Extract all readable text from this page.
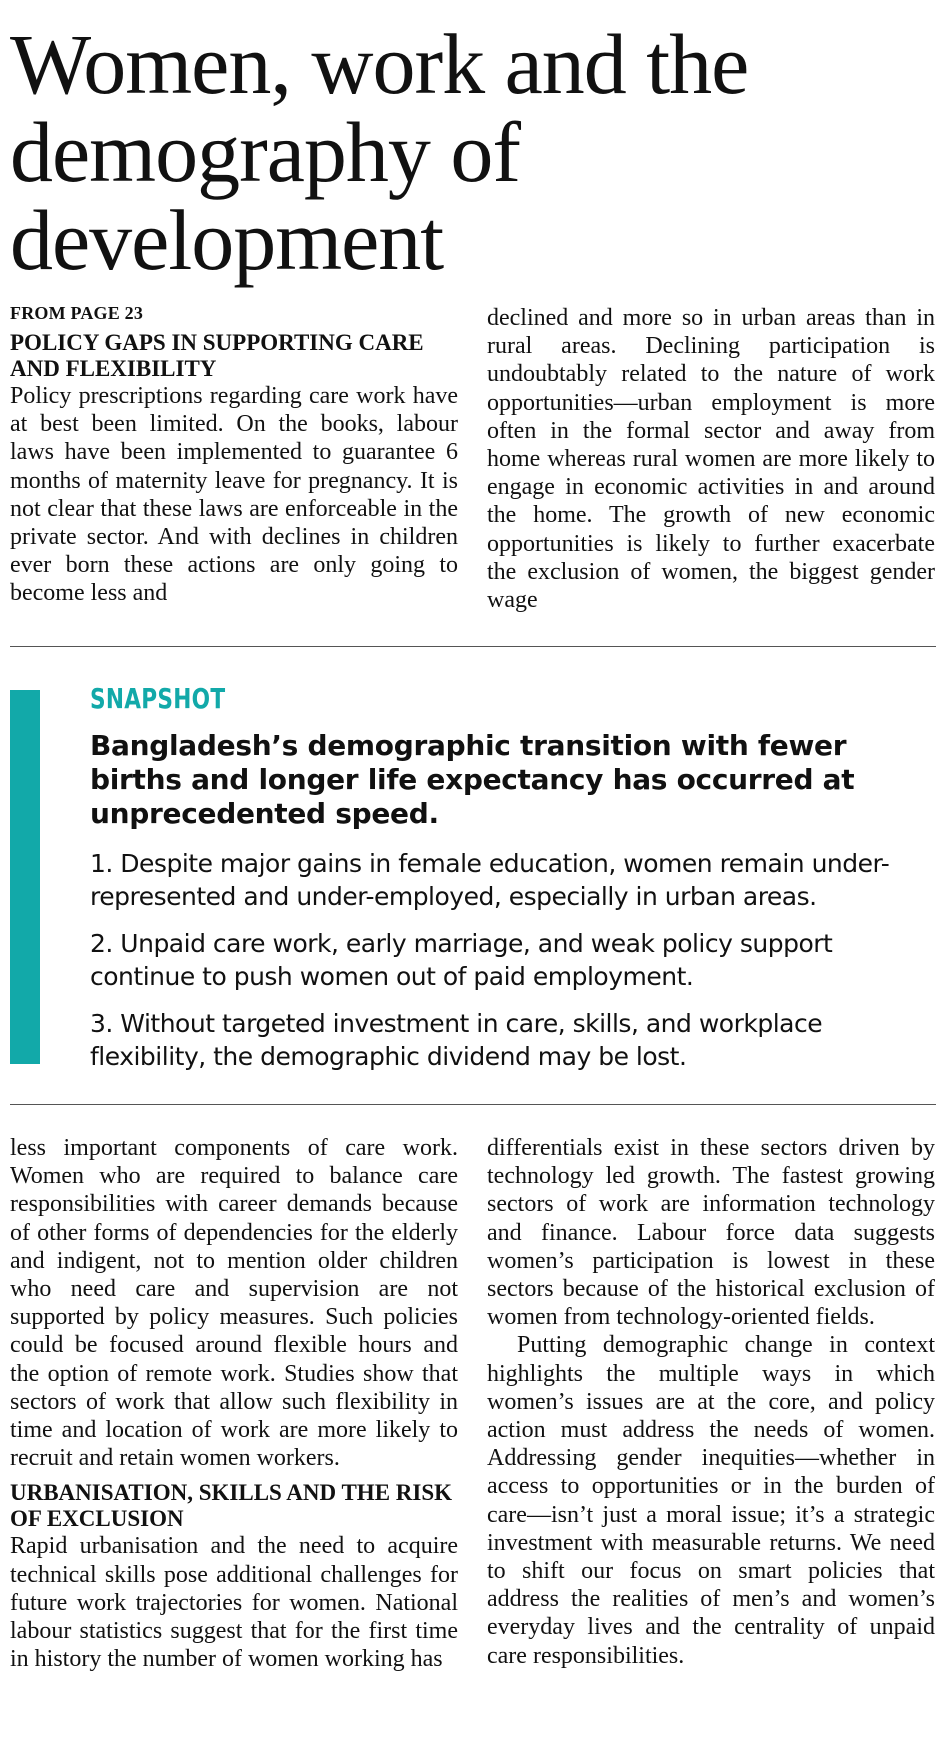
Women, work and the demography of development
FROM PAGE 23
POLICY GAPS IN SUPPORTING CARE AND FLEXIBILITY

Policy prescriptions regarding care work have at best been limited. On the books, labour laws have been implemented to guarantee 6 months of maternity leave for pregnancy. It is not clear that these laws are enforceable in the private sector. And with declines in children ever born these actions are only going to become less and

declined and more so in urban areas than in rural areas. Declining participation is undoubtably related to the nature of work opportunities—urban employment is more often in the formal sector and away from home whereas rural women are more likely to engage in economic activities in and around the home. The growth of new economic opportunities is likely to further exacerbate the exclusion of women, the biggest gender wage

SNAPSHOT

Bangladesh’s demographic transition with fewer births and longer life expectancy has occurred at unprecedented speed.

1. Despite major gains in female education, women remain under-represented and under-employed, especially in urban areas.

2. Unpaid care work, early marriage, and weak policy support continue to push women out of paid employment.

3. Without targeted investment in care, skills, and workplace flexibility, the demographic dividend may be lost.

less important components of care work. Women who are required to balance care responsibilities with career demands because of other forms of dependencies for the elderly and indigent, not to mention older children who need care and supervision are not supported by policy measures. Such policies could be focused around flexible hours and the option of remote work. Studies show that sectors of work that allow such flexibility in time and location of work are more likely to recruit and retain women workers.

URBANISATION, SKILLS AND THE RISK OF EXCLUSION

Rapid urbanisation and the need to acquire technical skills pose additional challenges for future work trajectories for women. National labour statistics suggest that for the first time in history the number of women working has

differentials exist in these sectors driven by technology led growth. The fastest growing sectors of work are information technology and finance. Labour force data suggests women’s participation is lowest in these sectors because of the historical exclusion of women from technology-oriented fields.

Putting demographic change in context highlights the multiple ways in which women’s issues are at the core, and policy action must address the needs of women. Addressing gender inequities—whether in access to opportunities or in the burden of care—isn’t just a moral issue; it’s a strategic investment with measurable returns. We need to shift our focus on smart policies that address the realities of men’s and women’s everyday lives and the centrality of unpaid care responsibilities.
